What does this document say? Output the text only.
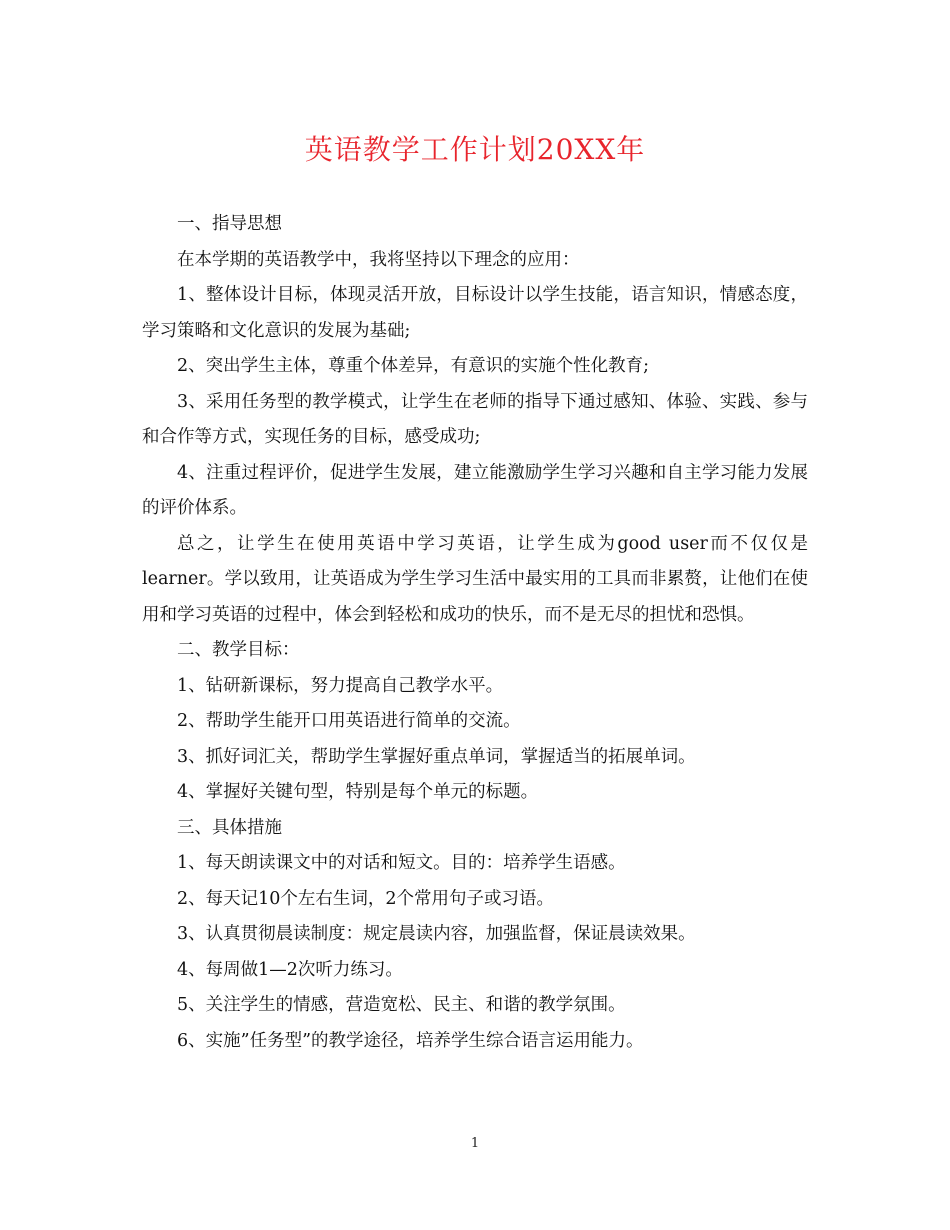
英语教学工作计划20XX年

一、指导思想

在本学期的英语教学中，我将坚持以下理念的应用：

1、整体设计目标，体现灵活开放，目标设计以学生技能，语言知识，情感态度，学习策略和文化意识的发展为基础;

2、突出学生主体，尊重个体差异，有意识的实施个性化教育;

3、采用任务型的教学模式，让学生在老师的指导下通过感知、体验、实践、参与和合作等方式，实现任务的目标，感受成功;

4、注重过程评价，促进学生发展，建立能激励学生学习兴趣和自主学习能力发展的评价体系。

总之，让学生在使用英语中学习英语，让学生成为good user而不仅仅是learner。学以致用，让英语成为学生学习生活中最实用的工具而非累赘，让他们在使用和学习英语的过程中，体会到轻松和成功的快乐，而不是无尽的担忧和恐惧。

二、教学目标：

1、钻研新课标，努力提高自己教学水平。

2、帮助学生能开口用英语进行简单的交流。

3、抓好词汇关，帮助学生掌握好重点单词，掌握适当的拓展单词。

4、掌握好关键句型，特别是每个单元的标题。

三、具体措施

1、每天朗读课文中的对话和短文。目的：培养学生语感。

2、每天记10个左右生词，2个常用句子或习语。

3、认真贯彻晨读制度：规定晨读内容，加强监督，保证晨读效果。

4、每周做1—2次听力练习。

5、关注学生的情感，营造宽松、民主、和谐的教学氛围。

6、实施”任务型”的教学途径，培养学生综合语言运用能力。

1
